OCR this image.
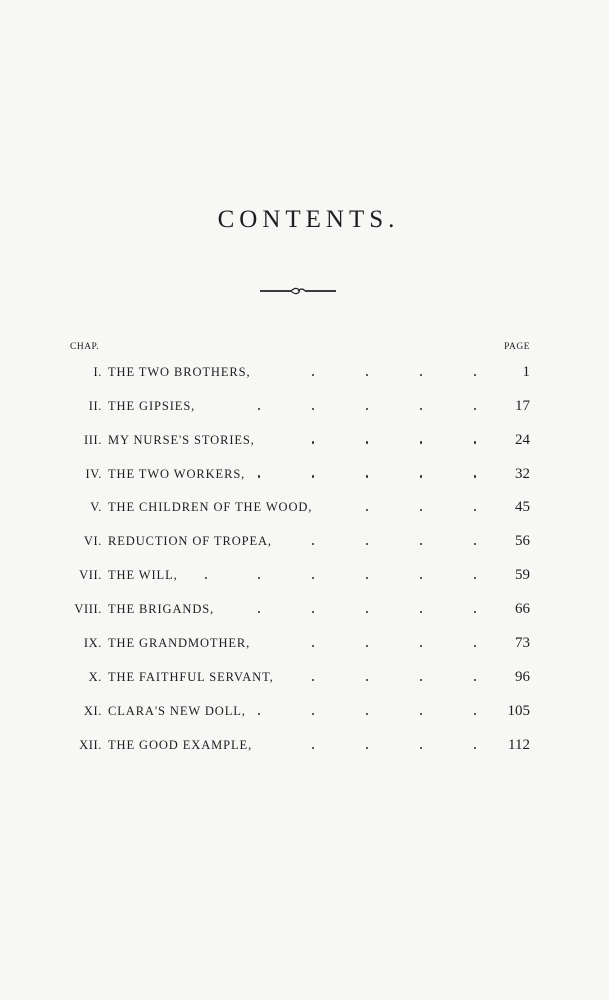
CONTENTS.
CHAP.	PAGE
I. THE TWO BROTHERS,	1
II. THE GIPSIES,	17
III. MY NURSE'S STORIES,	24
IV. THE TWO WORKERS,	32
V. THE CHILDREN OF THE WOOD,	45
VI. REDUCTION OF TROPEA,	56
VII. THE WILL,	59
VIII. THE BRIGANDS,	66
IX. THE GRANDMOTHER,	73
X. THE FAITHFUL SERVANT,	96
XI. CLARA'S NEW DOLL,	105
XII. THE GOOD EXAMPLE,	112
